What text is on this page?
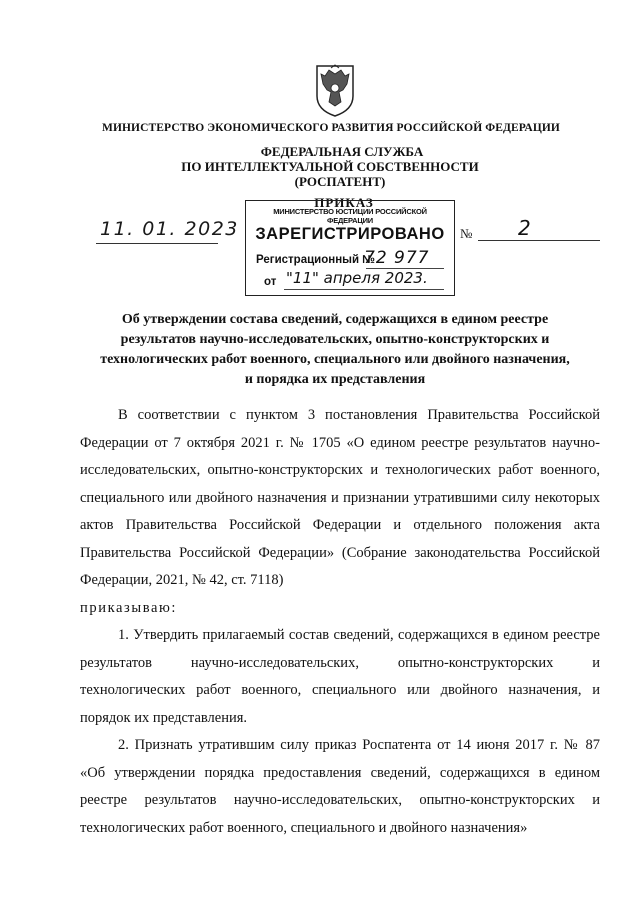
МИНИСТЕРСТВО ЭКОНОМИЧЕСКОГО РАЗВИТИЯ РОССИЙСКОЙ ФЕДЕРАЦИИ
ФЕДЕРАЛЬНАЯ СЛУЖБА
ПО ИНТЕЛЛЕКТУАЛЬНОЙ СОБСТВЕННОСТИ
(РОСПАТЕНТ)
ПРИКАЗ
11. 01. 2023
МИНИСТЕРСТВО ЮСТИЦИИ РОССИЙСКОЙ ФЕДЕРАЦИИ
ЗАРЕГИСТРИРОВАНО
Регистрационный №
72 977
от "11" апреля 2023.
№ 2
Об утверждении состава сведений, содержащихся в едином реестре результатов научно-исследовательских, опытно-конструкторских и технологических работ военного, специального или двойного назначения, и порядка их представления

В соответствии с пунктом 3 постановления Правительства Российской Федерации от 7 октября 2021 г. № 1705 «О едином реестре результатов научно-исследовательских, опытно-конструкторских и технологических работ военного, специального или двойного назначения и признании утратившими силу некоторых актов Правительства Российской Федерации и отдельного положения акта Правительства Российской Федерации» (Собрание законодательства Российской Федерации, 2021, № 42, ст. 7118)

приказываю:

1. Утвердить прилагаемый состав сведений, содержащихся в едином реестре результатов научно-исследовательских, опытно-конструкторских и технологических работ военного, специального или двойного назначения, и порядок их представления.

2. Признать утратившим силу приказ Роспатента от 14 июня 2017 г. № 87 «Об утверждении порядка предоставления сведений, содержащихся в едином реестре результатов научно-исследовательских, опытно-конструкторских и технологических работ военного, специального и двойного назначения»
